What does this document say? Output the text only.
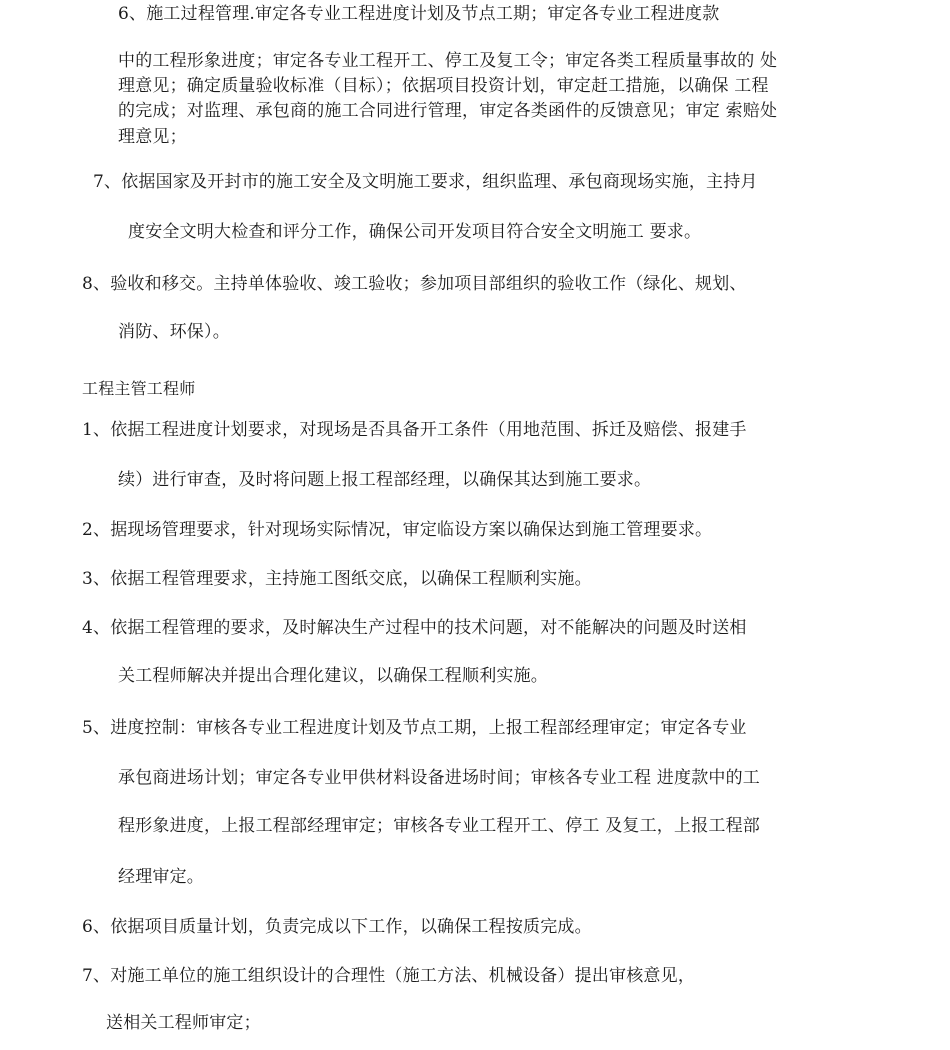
6、施工过程管理.审定各专业工程进度计划及节点工期；审定各专业工程进度款
中的工程形象进度；审定各专业工程开工、停工及复工令；审定各类工程质量事故的 处
理意见；确定质量验收标准（目标）；依据项目投资计划，审定赶工措施，以确保 工程
的完成；对监理、承包商的施工合同进行管理，审定各类函件的反馈意见；审定 索赔处
理意见；
7、依据国家及开封市的施工安全及文明施工要求，组织监理、承包商现场实施，主持月
度安全文明大检查和评分工作，确保公司开发项目符合安全文明施工 要求。
8、验收和移交。主持单体验收、竣工验收；参加项目部组织的验收工作（绿化、规划、
消防、环保）。
工程主管工程师
1、依据工程进度计划要求，对现场是否具备开工条件（用地范围、拆迁及赔偿、报建手
续）进行审查，及时将问题上报工程部经理，以确保其达到施工要求。
2、据现场管理要求，针对现场实际情况，审定临设方案以确保达到施工管理要求。
3、依据工程管理要求，主持施工图纸交底，以确保工程顺利实施。
4、依据工程管理的要求，及时解决生产过程中的技术问题，对不能解决的问题及时送相
关工程师解决并提出合理化建议，以确保工程顺利实施。
5、进度控制：审核各专业工程进度计划及节点工期，上报工程部经理审定；审定各专业
承包商进场计划；审定各专业甲供材料设备进场时间；审核各专业工程 进度款中的工
程形象进度，上报工程部经理审定；审核各专业工程开工、停工 及复工，上报工程部
经理审定。
6、依据项目质量计划，负责完成以下工作，以确保工程按质完成。
7、对施工单位的施工组织设计的合理性（施工方法、机械设备）提出审核意见，
送相关工程师审定；
